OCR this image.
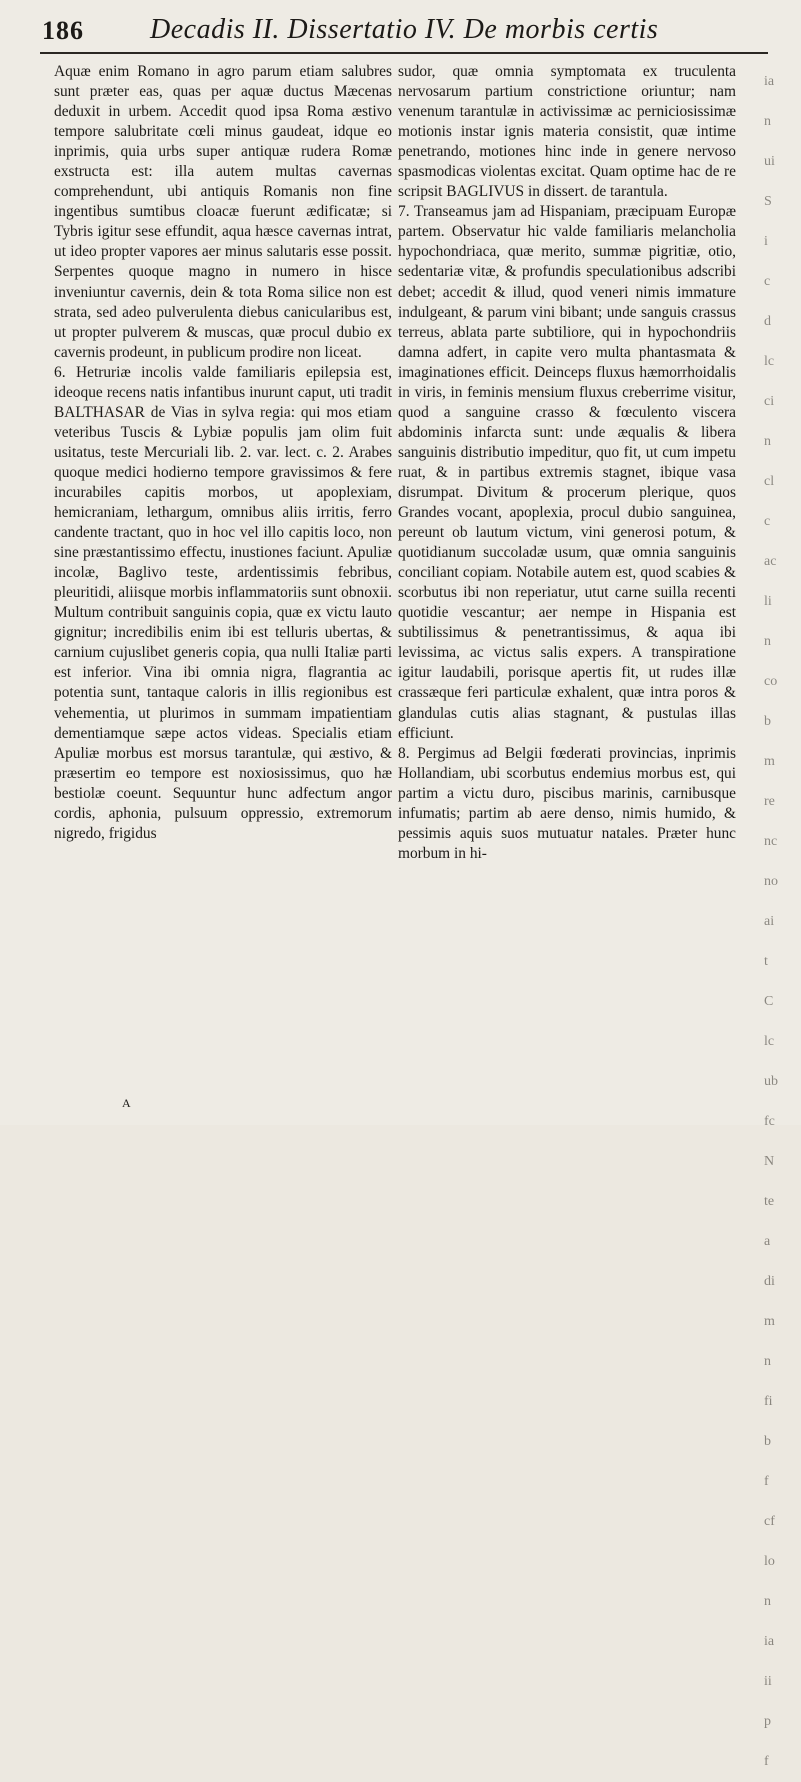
186 Decadis II. Dissertatio IV. De morbis certis

Aquæ enim Romano in agro parum etiam salubres sunt præter eas, quas per aquæ ductus Mæcenas deduxit in urbem. Accedit quod ipsa Roma æstivo tempore salubritate cœli minus gaudeat, idque eo inprimis, quia urbs super antiquæ rudera Romæ exstructa est: illa autem multas cavernas comprehendunt, ubi antiquis Romanis non fine ingentibus sumtibus cloacæ fuerunt ædificatæ; si Tybris igitur sese effundit, aqua hæsce cavernas intrat, ut ideo propter vapores aer minus salutaris esse possit. Serpentes quoque magno in numero in hisce inveniuntur cavernis, dein & tota Roma silice non est strata, sed adeo pulverulenta diebus canicularibus est, ut propter pulverem & muscas, quæ procul dubio ex cavernis prodeunt, in publicum prodire non liceat.

6. Hetruriæ incolis valde familiaris epilepsia est, ideoque recens natis infantibus inurunt caput, uti tradit BALTHASAR de Vias in sylva regia: qui mos etiam veteribus Tuscis & Lybiæ populis jam olim fuit usitatus, teste Mercuriali lib. 2. var. lect. c. 2. Arabes quoque medici hodierno tempore gravissimos & fere incurabiles capitis morbos, ut apoplexiam, hemicraniam, lethargum, omnibus aliis irritis, ferro candente tractant, quo in hoc vel illo capitis loco, non sine præstantissimo effectu, inustiones faciunt. Apuliæ incolæ, Baglivo teste, ardentissimis febribus, pleuritidi, aliisque morbis inflammatoriis sunt obnoxii. Multum contribuit sanguinis copia, quæ ex victu lauto gignitur; incredibilis enim ibi est telluris ubertas, & carnium cujuslibet generis copia, qua nulli Italiæ parti est inferior. Vina ibi omnia nigra, flagrantia ac potentia sunt, tantaque caloris in illis regionibus est vehementia, ut plurimos in summam impatientiam dementiamque sæpe actos videas. Specialis etiam Apuliæ morbus est morsus tarantulæ, qui æstivo, & præsertim eo tempore est noxiosissimus, quo hæ bestiolæ coeunt. Sequuntur hunc adfectum angor cordis, aphonia, pulsuum oppressio, extremorum nigredo, frigidus

sudor, quæ omnia symptomata ex truculenta nervosarum partium constrictione oriuntur; nam venenum tarantulæ in activissimæ ac perniciosissimæ motionis instar ignis materia consistit, quæ intime penetrando, motiones hinc inde in genere nervoso spasmodicas violentas excitat. Quam optime hac de re scripsit BAGLIVUS in dissert. de tarantula.

7. Transeamus jam ad Hispaniam, præcipuam Europæ partem. Observatur hic valde familiaris melancholia hypochondriaca, quæ merito, summæ pigritiæ, otio, sedentariæ vitæ, & profundis speculationibus adscribi debet; accedit & illud, quod veneri nimis immature indulgeant, & parum vini bibant; unde sanguis crassus terreus, ablata parte subtiliore, qui in hypochondriis damna adfert, in capite vero multa phantasmata & imaginationes efficit. Deinceps fluxus hæmorrhoidalis in viris, in feminis mensium fluxus creberrime visitur, quod a sanguine crasso & fœculento viscera abdominis infarcta sunt: unde æqualis & libera sanguinis distributio impeditur, quo fit, ut cum impetu ruat, & in partibus extremis stagnet, ibique vasa disrumpat. Divitum & procerum plerique, quos Grandes vocant, apoplexia, procul dubio sanguinea, pereunt ob lautum victum, vini generosi potum, & quotidianum succoladæ usum, quæ omnia sanguinis conciliant copiam. Notabile autem est, quod scabies & scorbutus ibi non reperiatur, utut carne suilla recenti quotidie vescantur; aer nempe in Hispania est subtilissimus & penetrantissimus, & aqua ibi levissima, ac victus salis expers. A transpiratione igitur laudabili, porisque apertis fit, ut rudes illæ crassæque feri particulæ exhalent, quæ intra poros & glandulas cutis alias stagnant, & pustulas illas efficiunt.

8. Pergimus ad Belgii fœderati provincias, inprimis Hollandiam, ubi scorbutus endemius morbus est, qui partim a victu duro, piscibus marinis, carnibusque infumatis; partim ab aere denso, nimis humido, & pessimis aquis suos mutuatur natales. Præter hunc morbum in hi-

ia
n
ui
S
i
c
d
lc
ci
n
cl
c
ac
li
n
co
b
m
re
nc
no
ai
t
C
lc
ub
fc
N
te
a
di
m
n
fi
b
f
cf
lo
n
ia
ii
p
f
A
